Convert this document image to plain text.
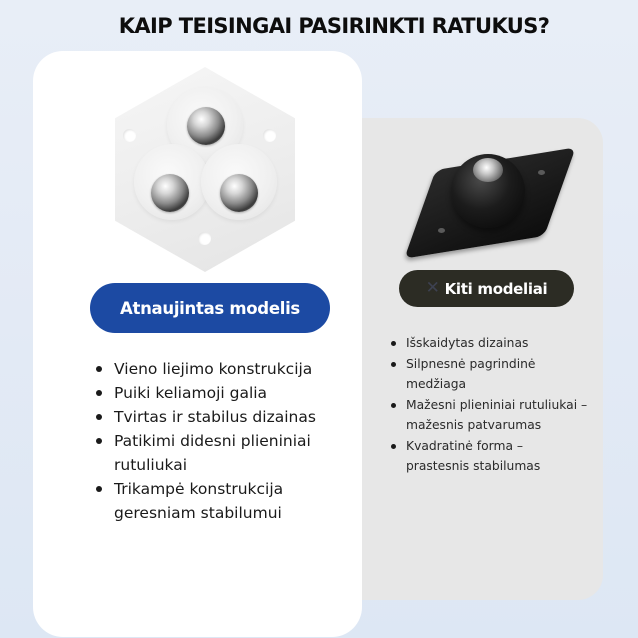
KAIP TEISINGAI PASIRINKTI RATUKUS?
Atnaujintas modelis
✕ Kiti modeliai
Vieno liejimo konstrukcija
Puiki keliamoji galia
Tvirtas ir stabilus dizainas
Patikimi didesni plieniniai rutuliukai
Trikampė konstrukcija geresniam stabilumui
Išskaidytas dizainas
Silpnesnė pagrindinė medžiaga
Mažesni plieniniai rutuliukai – mažesnis patvarumas
Kvadratinė forma – prastesnis stabilumas
